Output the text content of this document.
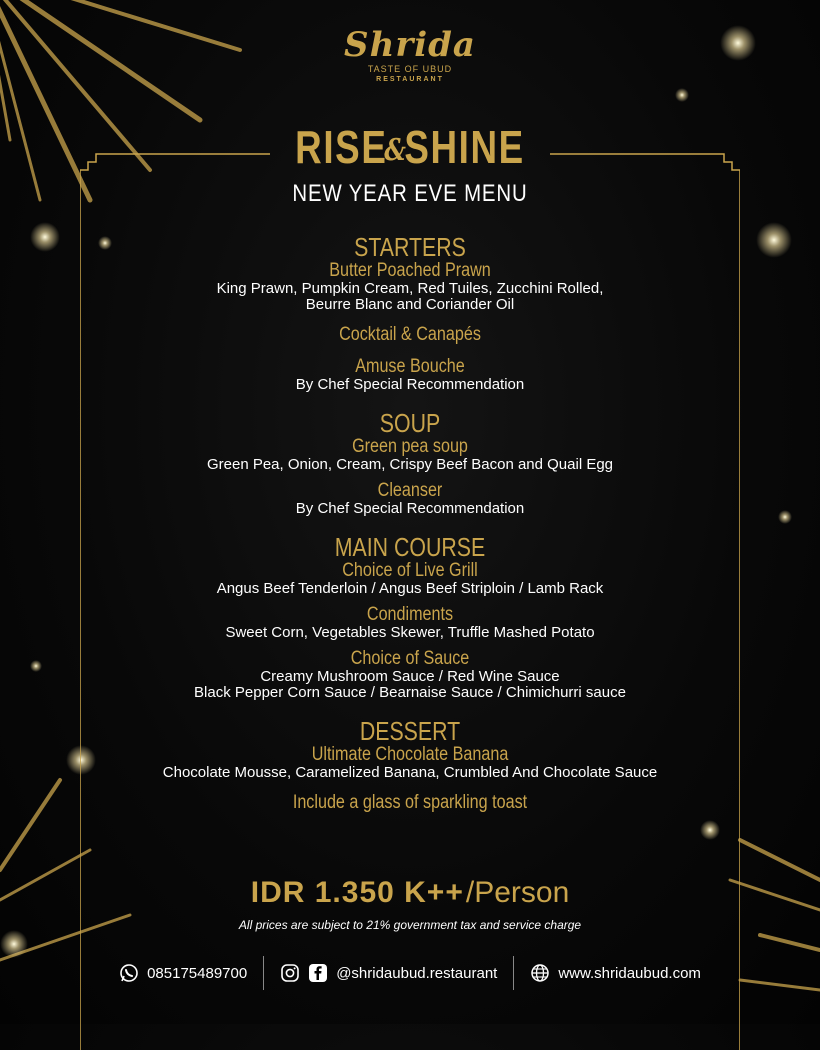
Shrida
TASTE OF UBUD
RESTAURANT
RISE&SHINE
NEW YEAR EVE MENU
STARTERS
Butter Poached Prawn
King Prawn, Pumpkin Cream, Red Tuiles, Zucchini Rolled,
Beurre Blanc and Coriander Oil
Cocktail & Canapés
Amuse Bouche
By Chef Special Recommendation
SOUP
Green pea soup
Green Pea, Onion, Cream, Crispy Beef Bacon and Quail Egg
Cleanser
By Chef Special Recommendation
MAIN COURSE
Choice of Live Grill
Angus Beef Tenderloin / Angus Beef Striploin / Lamb Rack
Condiments
Sweet Corn, Vegetables Skewer, Truffle Mashed Potato
Choice of Sauce
Creamy Mushroom Sauce / Red Wine Sauce
Black Pepper Corn Sauce / Bearnaise Sauce / Chimichurri sauce
DESSERT
Ultimate Chocolate Banana
Chocolate Mousse, Caramelized Banana, Crumbled And Chocolate Sauce
Include a glass of sparkling toast
IDR 1.350 K++/Person
All prices are subject to 21% government tax and service charge
085175489700	@shridaubud.restaurant	www.shridaubud.com
